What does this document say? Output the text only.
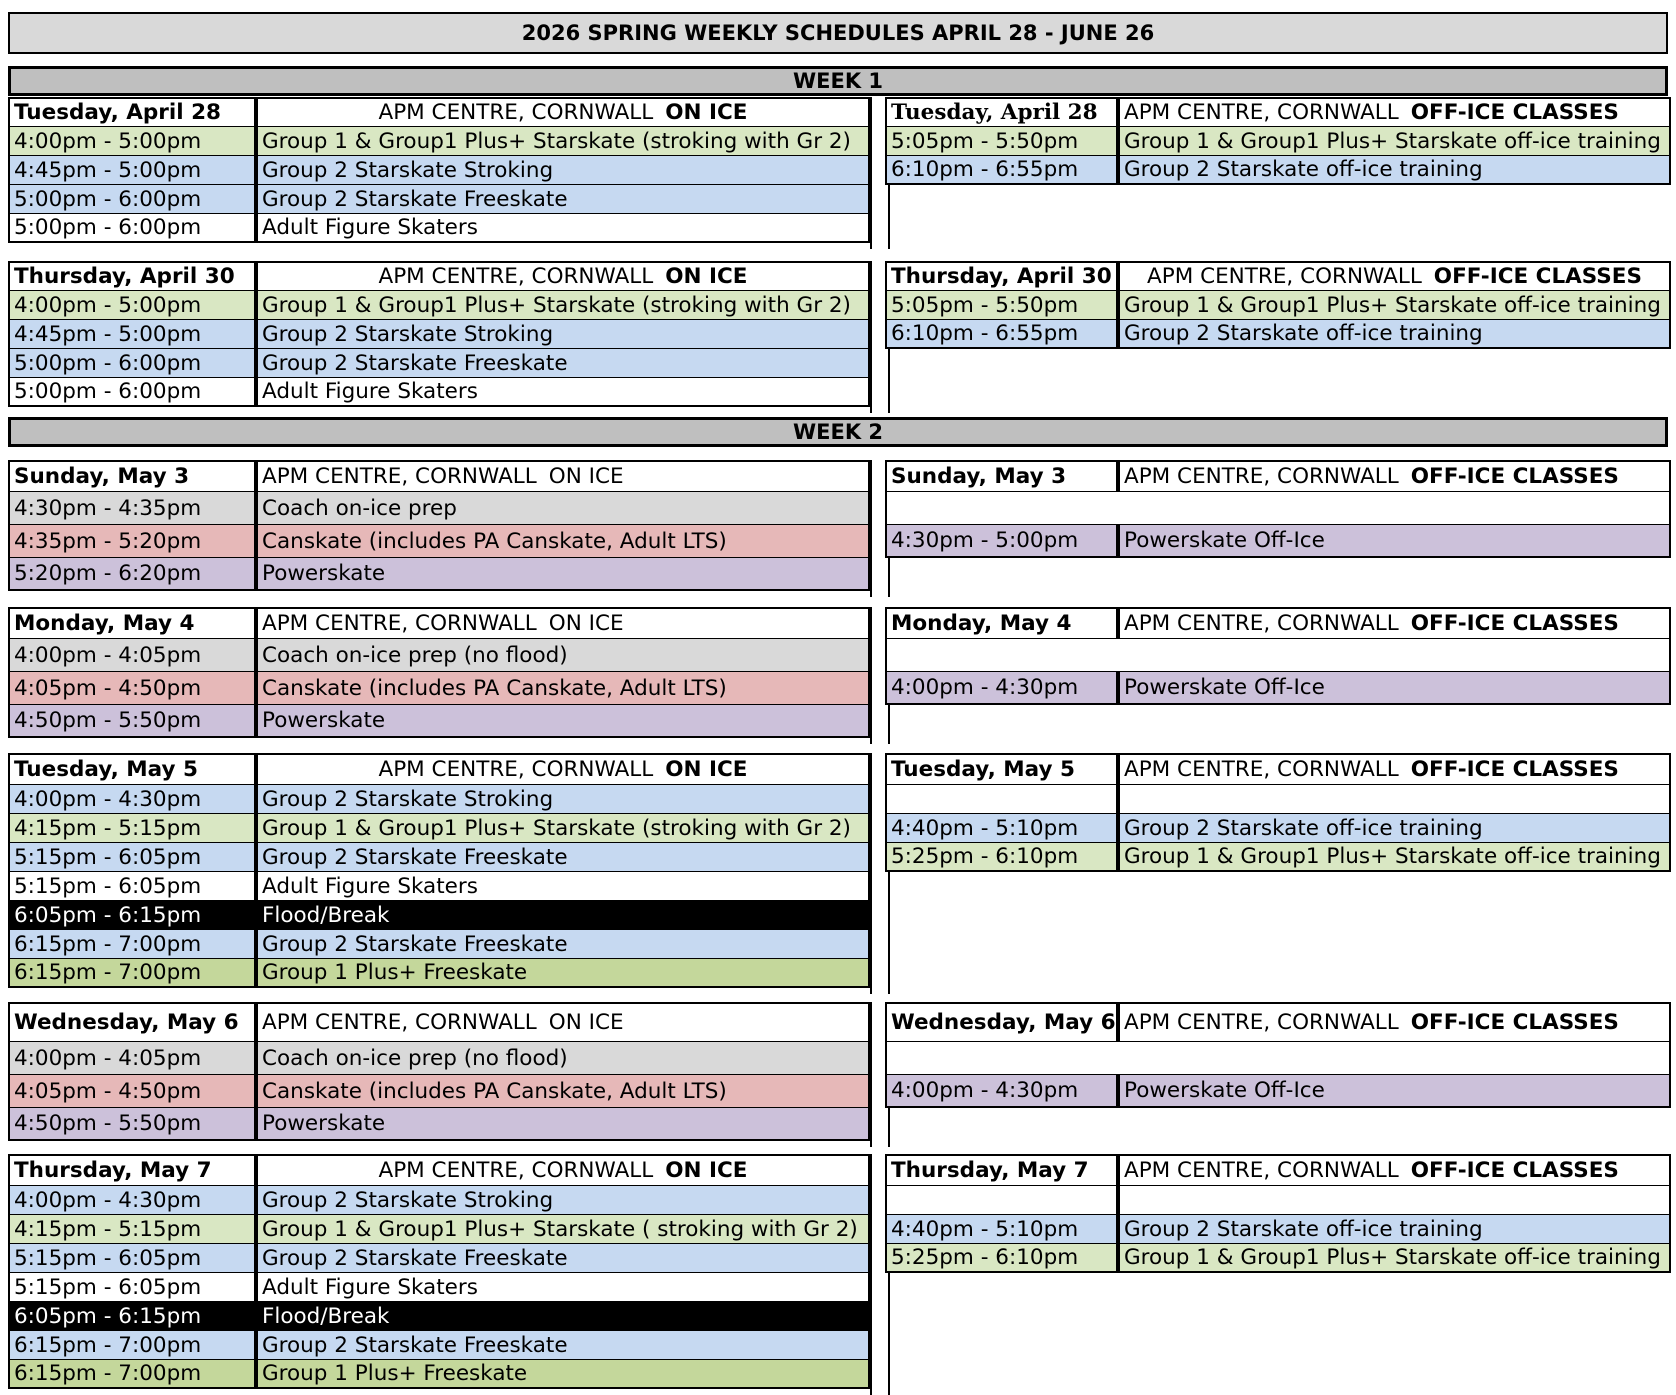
2026 SPRING WEEKLY SCHEDULES APRIL 28 - JUNE 26
WEEK 1
WEEK 2
Tuesday, April 28	APM CENTRE, CORNWALL ON ICE
4:00pm - 5:00pm	Group 1 & Group1 Plus+ Starskate (stroking with Gr 2)
4:45pm - 5:00pm	Group 2 Starskate Stroking
5:00pm - 6:00pm	Group 2 Starskate Freeskate
5:00pm - 6:00pm	Adult Figure Skaters
Tuesday, April 28 APM CENTRE, CORNWALL OFF-ICE CLASSES
5:05pm - 5:50pm	Group 1 & Group1 Plus+ Starskate off-ice training
6:10pm - 6:55pm	Group 2 Starskate off-ice training
Thursday, April 30	APM CENTRE, CORNWALL ON ICE
4:00pm - 5:00pm	Group 1 & Group1 Plus+ Starskate (stroking with Gr 2)
4:45pm - 5:00pm	Group 2 Starskate Stroking
5:00pm - 6:00pm	Group 2 Starskate Freeskate
5:00pm - 6:00pm	Adult Figure Skaters
Thursday, April 30 APM CENTRE, CORNWALL OFF-ICE CLASSES
5:05pm - 5:50pm	Group 1 & Group1 Plus+ Starskate off-ice training
6:10pm - 6:55pm	Group 2 Starskate off-ice training
Sunday, May 3	APM CENTRE, CORNWALL ON ICE
4:30pm - 4:35pm	Coach on-ice prep
4:35pm - 5:20pm	Canskate (includes PA Canskate, Adult LTS)
5:20pm - 6:20pm	Powerskate
Sunday, May 3	APM CENTRE, CORNWALL OFF-ICE CLASSES
4:30pm - 5:00pm	Powerskate Off-Ice
Monday, May 4	APM CENTRE, CORNWALL ON ICE
4:00pm - 4:05pm	Coach on-ice prep (no flood)
4:05pm - 4:50pm	Canskate (includes PA Canskate, Adult LTS)
4:50pm - 5:50pm	Powerskate
Monday, May 4 APM CENTRE, CORNWALL OFF-ICE CLASSES
4:00pm - 4:30pm	Powerskate Off-Ice
Tuesday, May 5	APM CENTRE, CORNWALL ON ICE
4:00pm - 4:30pm	Group 2 Starskate Stroking
4:15pm - 5:15pm	Group 1 & Group1 Plus+ Starskate (stroking with Gr 2)
5:15pm - 6:05pm	Group 2 Starskate Freeskate
5:15pm - 6:05pm	Adult Figure Skaters
6:05pm - 6:15pm	Flood/Break
6:15pm - 7:00pm	Group 2 Starskate Freeskate
6:15pm - 7:00pm	Group 1 Plus+ Freeskate
Tuesday, May 5 APM CENTRE, CORNWALL OFF-ICE CLASSES
4:40pm - 5:10pm	Group 2 Starskate off-ice training
5:25pm - 6:10pm	Group 1 & Group1 Plus+ Starskate off-ice training
Wednesday, May 6 APM CENTRE, CORNWALL ON ICE
4:00pm - 4:05pm	Coach on-ice prep (no flood)
4:05pm - 4:50pm	Canskate (includes PA Canskate, Adult LTS)
4:50pm - 5:50pm	Powerskate
Wednesday, May 6 APM CENTRE, CORNWALL OFF-ICE CLASSES
4:00pm - 4:30pm	Powerskate Off-Ice
Thursday, May 7	APM CENTRE, CORNWALL ON ICE
4:00pm - 4:30pm	Group 2 Starskate Stroking
4:15pm - 5:15pm	Group 1 & Group1 Plus+ Starskate ( stroking with Gr 2)
5:15pm - 6:05pm	Group 2 Starskate Freeskate
5:15pm - 6:05pm	Adult Figure Skaters
6:05pm - 6:15pm	Flood/Break
6:15pm - 7:00pm	Group 2 Starskate Freeskate
6:15pm - 7:00pm	Group 1 Plus+ Freeskate
Thursday, May 7 APM CENTRE, CORNWALL OFF-ICE CLASSES
4:40pm - 5:10pm	Group 2 Starskate off-ice training
5:25pm - 6:10pm	Group 1 & Group1 Plus+ Starskate off-ice training
